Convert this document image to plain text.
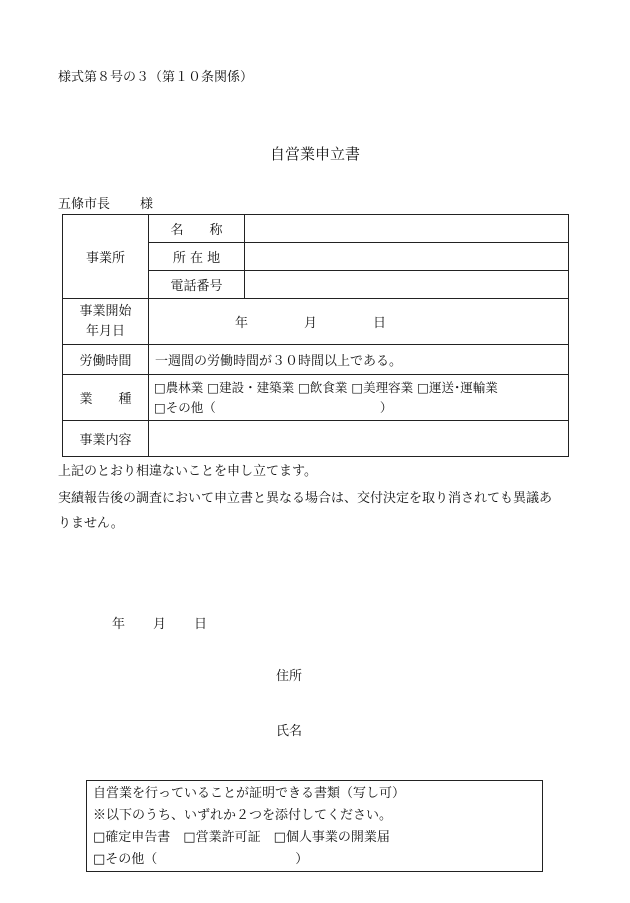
様式第８号の３（第１０条関係）
自営業申立書
五條市長 様
事業所	名　　称	
	所 在 地	
	電話番号	

事業開始
年月日	年 月 日	
労働時間	一週間の労働時間が３０時間以上である。	
業　　種	□農林業 □建設・建築業 □飲食業 □美理容業 □運送･運輸業
□その他（ ）	

事業内容		
上記のとおり相違ないことを申し立てます。
実績報告後の調査において申立書と異なる場合は、交付決定を取り消されても異議あ
りません。
年 月 日
住所
氏名
自営業を行っていることが証明できる書類（写し可）
※以下のうち、いずれか２つを添付してください。
□確定申告書　□営業許可証　□個人事業の開業届
□その他（	）
